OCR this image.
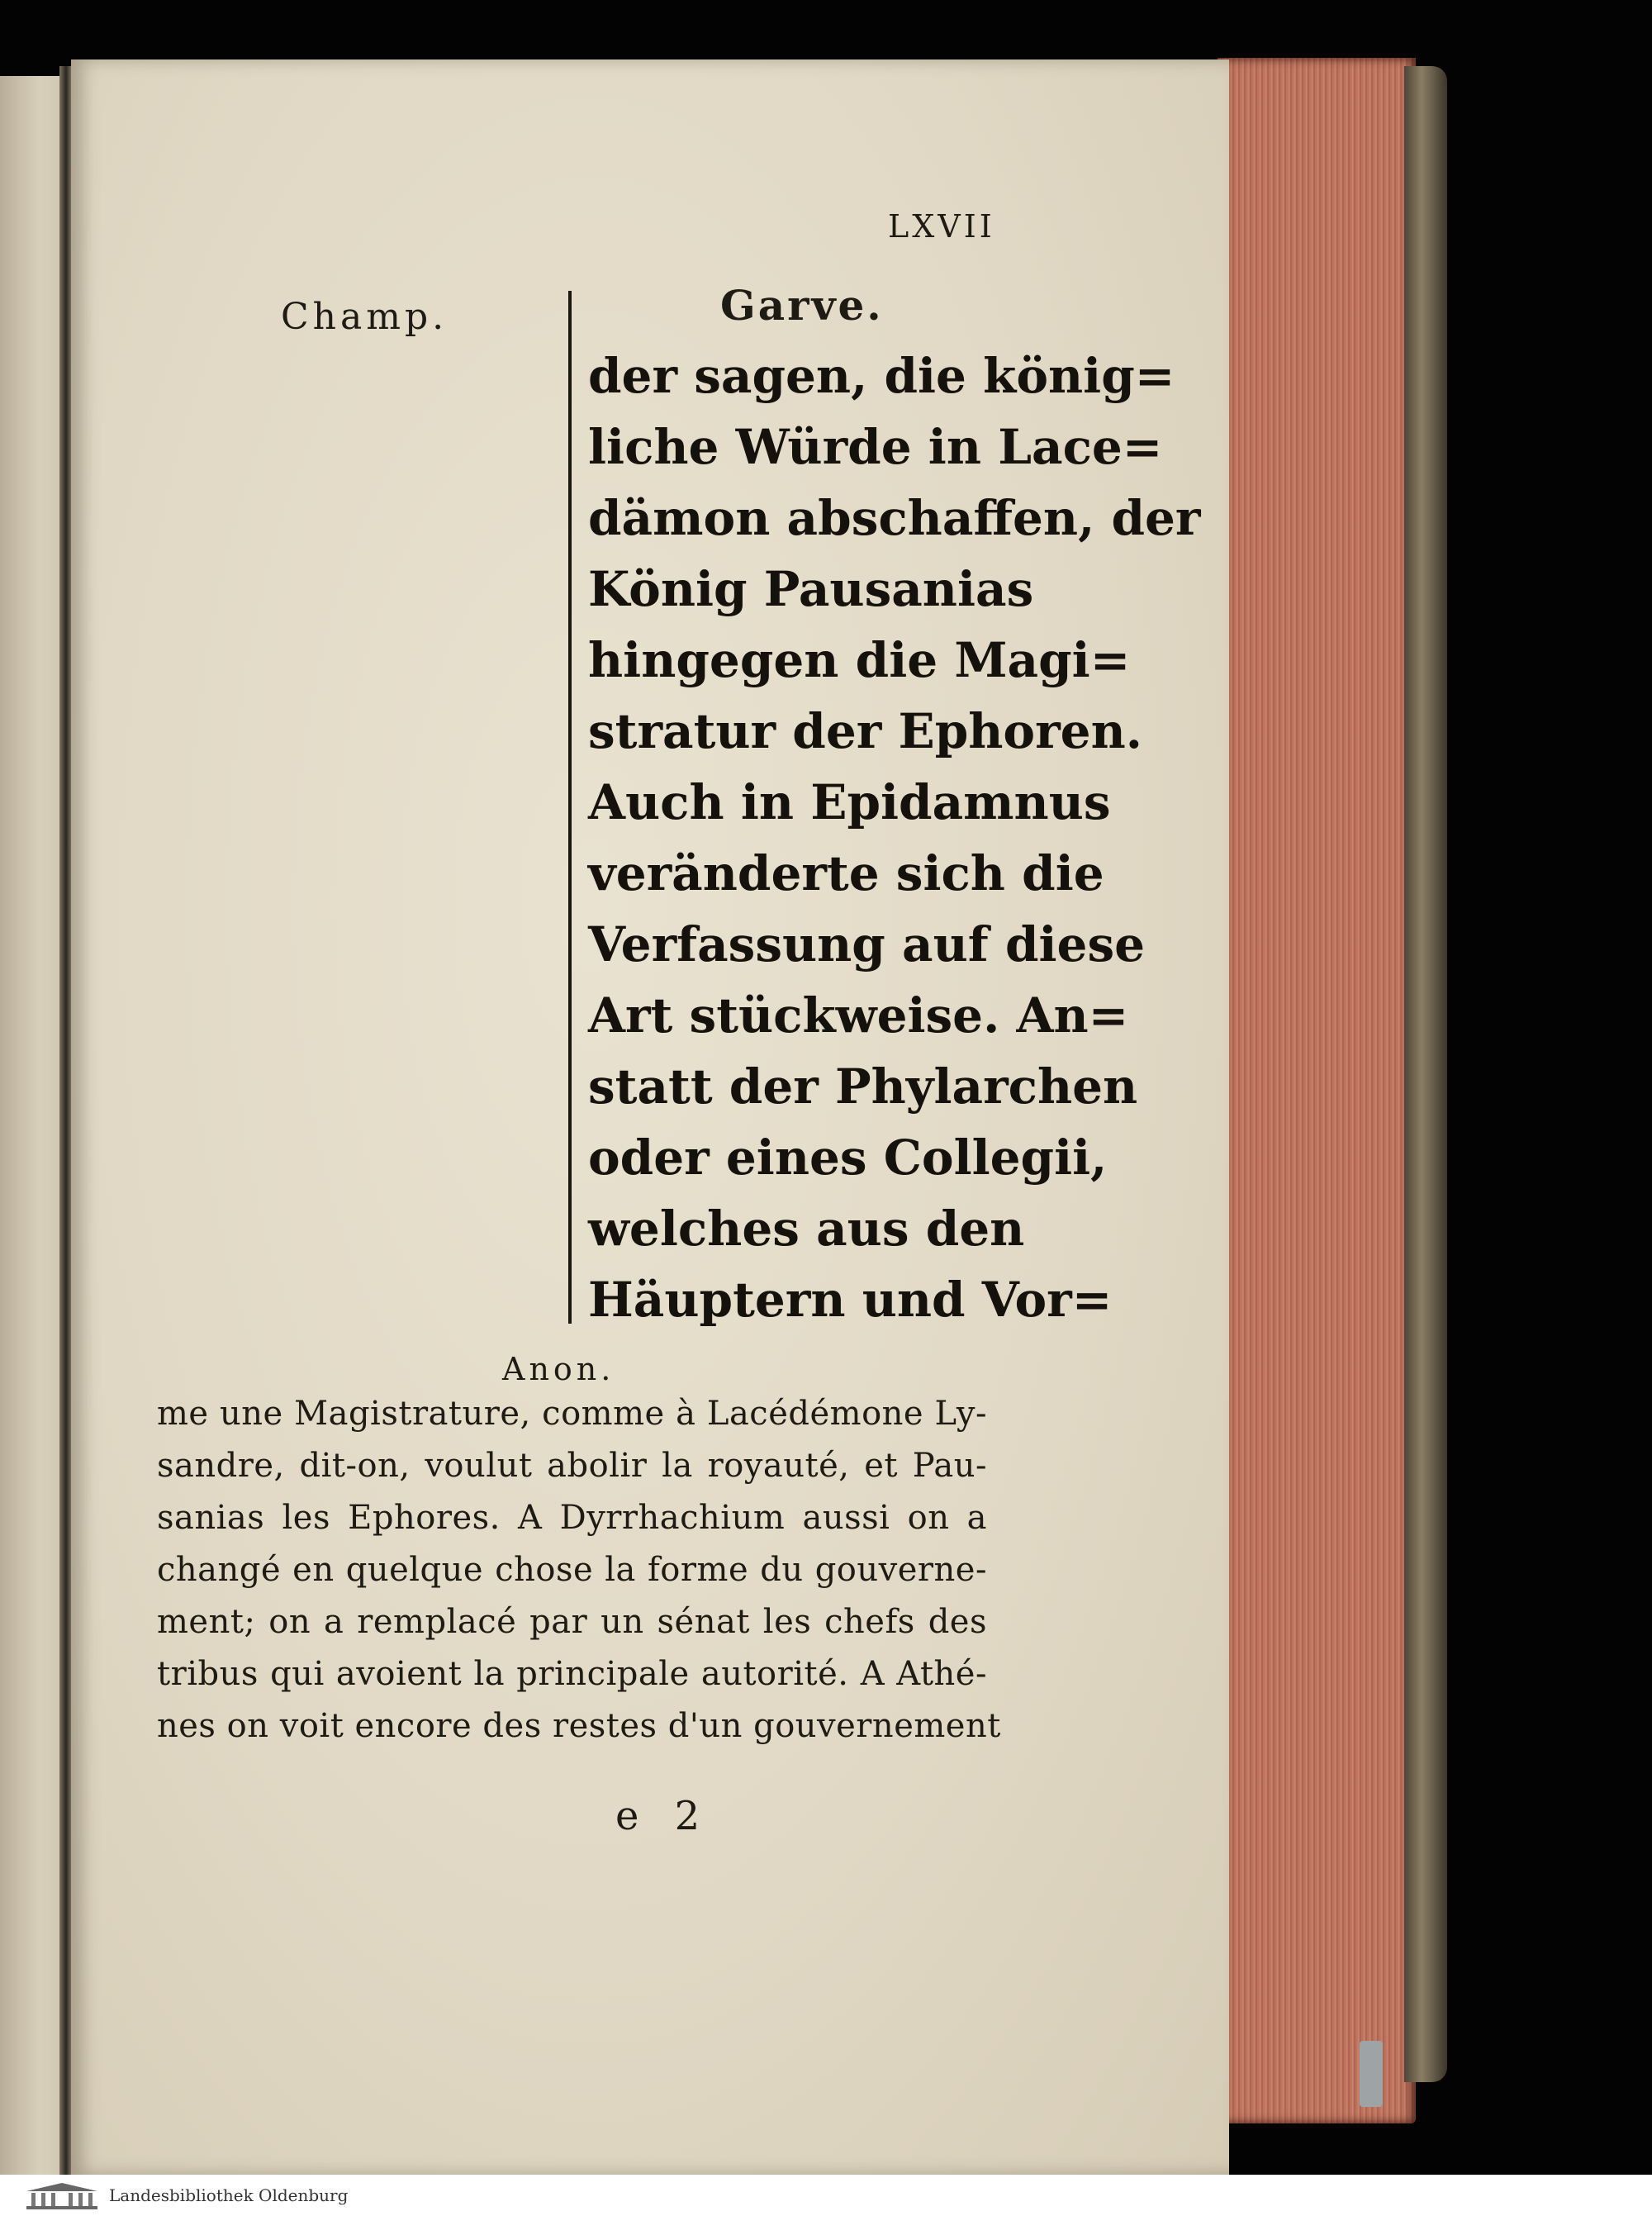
LXVII
Champ.	Garve.
der sagen, die könig=
liche Würde in Lace=
dämon abschaffen, der
König Pausanias
hingegen die Magi=
stratur der Ephoren.
Auch in Epidamnus
veränderte sich die
Verfassung auf diese
Art stückweise. An=
statt der Phylarchen
oder eines Collegii,
welches aus den
Häuptern und Vor=
Anon.
me une Magistrature, comme à Lacédémone Ly-
sandre, dit-on, voulut abolir la royauté, et Pau-
sanias les Ephores. A Dyrrhachium aussi on a
changé en quelque chose la forme du gouverne-
ment; on a remplacé par un sénat les chefs des
tribus qui avoient la principale autorité. A Athé-
nes on voit encore des restes d'un gouvernement
e 2
Landesbibliothek Oldenburg
